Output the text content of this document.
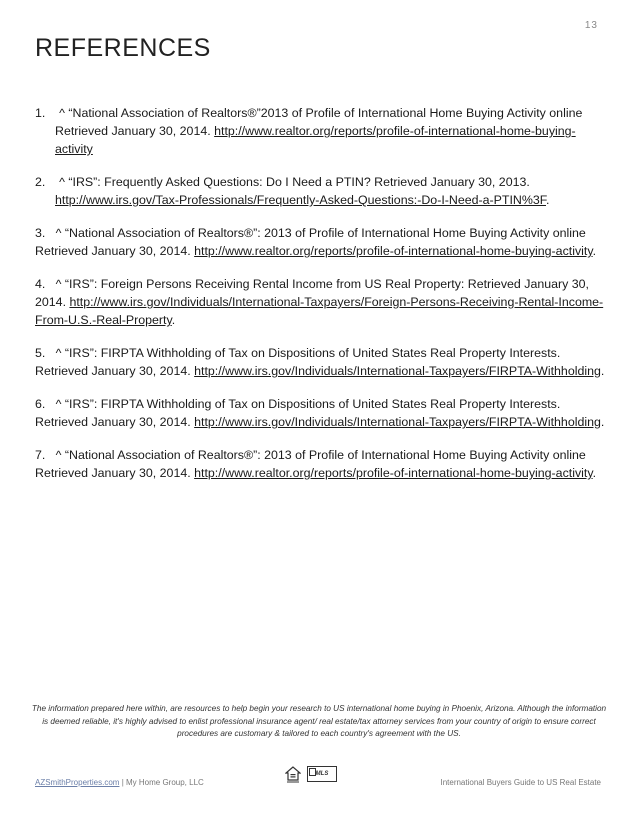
13
REFERENCES

1. ^ “National Association of Realtors®”2013 of Profile of International Home Buying Activity online Retrieved January 30, 2014. http://www.realtor.org/reports/profile-of-international-home-buying-activity

2. ^ “IRS”: Frequently Asked Questions: Do I Need a PTIN? Retrieved January 30, 2013. http://www.irs.gov/Tax-Professionals/Frequently-Asked-Questions:-Do-I-Need-a-PTIN%3F.

3. ^ “National Association of Realtors®”: 2013 of Profile of International Home Buying Activity online Retrieved January 30, 2014. http://www.realtor.org/reports/profile-of-international-home-buying-activity.

4. ^ “IRS”: Foreign Persons Receiving Rental Income from US Real Property: Retrieved January 30, 2014. http://www.irs.gov/Individuals/International-Taxpayers/Foreign-Persons-Receiving-Rental-Income-From-U.S.-Real-Property.

5. ^ “IRS”: FIRPTA Withholding of Tax on Dispositions of United States Real Property Interests. Retrieved January 30, 2014. http://www.irs.gov/Individuals/International-Taxpayers/FIRPTA-Withholding.

6. ^ “IRS”: FIRPTA Withholding of Tax on Dispositions of United States Real Property Interests. Retrieved January 30, 2014. http://www.irs.gov/Individuals/International-Taxpayers/FIRPTA-Withholding.

7. ^ “National Association of Realtors®”: 2013 of Profile of International Home Buying Activity online Retrieved January 30, 2014. http://www.realtor.org/reports/profile-of-international-home-buying-activity.

The information prepared here within, are resources to help begin your research to US international home buying in Phoenix, Arizona. Although the information is deemed reliable, it's highly advised to enlist professional insurance agent/ real estate/tax attorney services from your country of origin to ensure correct procedures are customary & tailored to each country's agreement with the US.

AZSmithProperties.com | My Home Group, LLC
MLS
International Buyers Guide to US Real Estate
